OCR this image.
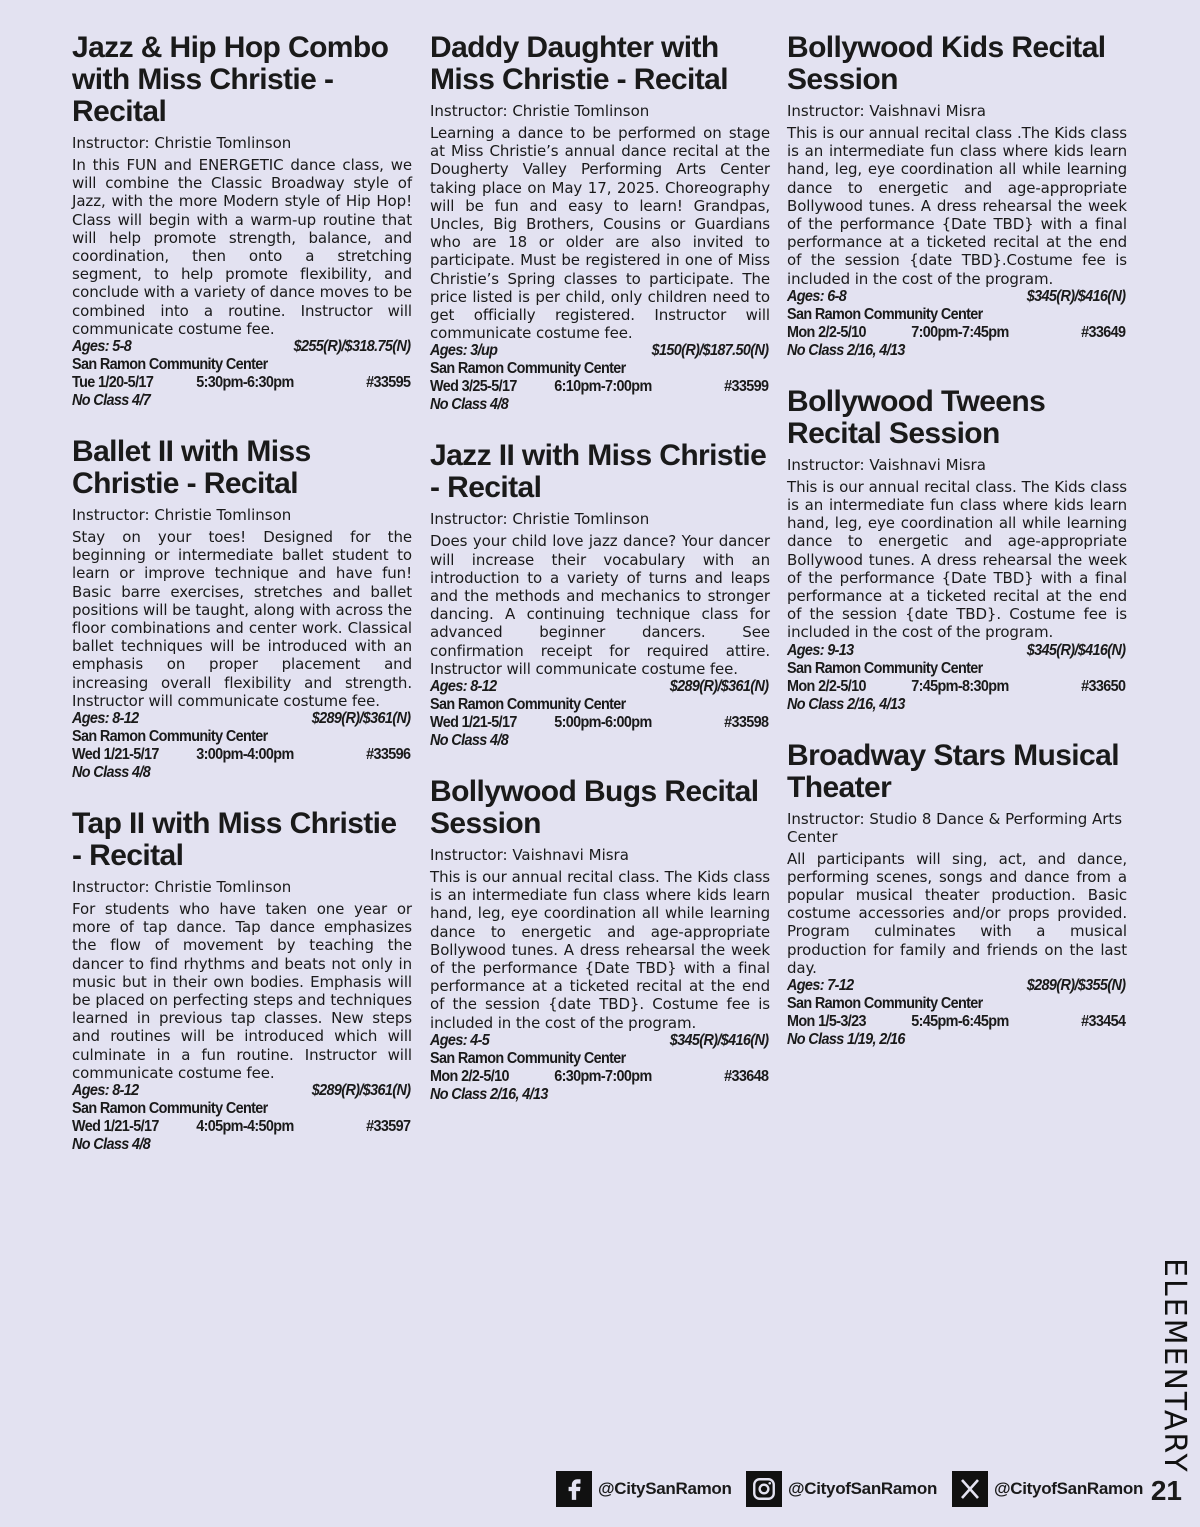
Jazz & Hip Hop Combo with Miss Christie - Recital
Instructor: Christie Tomlinson
In this FUN and ENERGETIC dance class, we will combine the Classic Broadway style of Jazz, with the more Modern style of Hip Hop! Class will begin with a warm-up routine that will help promote strength, balance, and coordination, then onto a stretching segment, to help promote flexibility, and conclude with a variety of dance moves to be combined into a routine. Instructor will communicate costume fee.
Ages: 5-8	$255(R)/$318.75(N)
San Ramon Community Center
Tue 1/20-5/17	5:30pm-6:30pm	#33595
No Class 4/7
Ballet II with Miss Christie - Recital
Instructor: Christie Tomlinson
Stay on your toes! Designed for the beginning or intermediate ballet student to learn or improve technique and have fun! Basic barre exercises, stretches and ballet positions will be taught, along with across the floor combinations and center work. Classical ballet techniques will be introduced with an emphasis on proper placement and increasing overall flexibility and strength. Instructor will communicate costume fee.
Ages: 8-12	$289(R)/$361(N)
San Ramon Community Center
Wed 1/21-5/17	3:00pm-4:00pm	#33596
No Class 4/8
Tap II with Miss Christie - Recital
Instructor: Christie Tomlinson
For students who have taken one year or more of tap dance. Tap dance emphasizes the flow of movement by teaching the dancer to find rhythms and beats not only in music but in their own bodies. Emphasis will be placed on perfecting steps and techniques learned in previous tap classes. New steps and routines will be introduced which will culminate in a fun routine. Instructor will communicate costume fee.
Ages: 8-12	$289(R)/$361(N)
San Ramon Community Center
Wed 1/21-5/17	4:05pm-4:50pm	#33597
No Class 4/8
Daddy Daughter with Miss Christie - Recital
Instructor: Christie Tomlinson
Learning a dance to be performed on stage at Miss Christie’s annual dance recital at the Dougherty Valley Performing Arts Center taking place on May 17, 2025. Choreography will be fun and easy to learn! Grandpas, Uncles, Big Brothers, Cousins or Guardians who are 18 or older are also invited to participate. Must be registered in one of Miss Christie’s Spring classes to participate. The price listed is per child, only children need to get officially registered. Instructor will communicate costume fee.
Ages: 3/up	$150(R)/$187.50(N)
San Ramon Community Center
Wed 3/25-5/17	6:10pm-7:00pm	#33599
No Class 4/8
Jazz II with Miss Christie - Recital
Instructor: Christie Tomlinson
Does your child love jazz dance? Your dancer will increase their vocabulary with an introduction to a variety of turns and leaps and the methods and mechanics to stronger dancing. A continuing technique class for advanced beginner dancers. See confirmation receipt for required attire. Instructor will communicate costume fee.
Ages: 8-12	$289(R)/$361(N)
San Ramon Community Center
Wed 1/21-5/17	5:00pm-6:00pm	#33598
No Class 4/8
Bollywood Bugs Recital Session
Instructor: Vaishnavi Misra
This is our annual recital class. The Kids class is an intermediate fun class where kids learn hand, leg, eye coordination all while learning dance to energetic and age-appropriate Bollywood tunes. A dress rehearsal the week of the performance {Date TBD} with a final performance at a ticketed recital at the end of the session {date TBD}. Costume fee is included in the cost of the program.
Ages: 4-5	$345(R)/$416(N)
San Ramon Community Center
Mon 2/2-5/10	6:30pm-7:00pm	#33648
No Class 2/16, 4/13
Bollywood Kids Recital Session
Instructor: Vaishnavi Misra
This is our annual recital class .The Kids class is an intermediate fun class where kids learn hand, leg, eye coordination all while learning dance to energetic and age-appropriate Bollywood tunes. A dress rehearsal the week of the performance {Date TBD} with a final performance at a ticketed recital at the end of the session {date TBD}.Costume fee is included in the cost of the program.
Ages: 6-8	$345(R)/$416(N)
San Ramon Community Center
Mon 2/2-5/10	7:00pm-7:45pm	#33649
No Class 2/16, 4/13
Bollywood Tweens Recital Session
Instructor: Vaishnavi Misra
This is our annual recital class. The Kids class is an intermediate fun class where kids learn hand, leg, eye coordination all while learning dance to energetic and age-appropriate Bollywood tunes. A dress rehearsal the week of the performance {Date TBD} with a final performance at a ticketed recital at the end of the session {date TBD}. Costume fee is included in the cost of the program.
Ages: 9-13	$345(R)/$416(N)
San Ramon Community Center
Mon 2/2-5/10	7:45pm-8:30pm	#33650
No Class 2/16, 4/13
Broadway Stars Musical Theater
Instructor: Studio 8 Dance & Performing Arts Center
All participants will sing, act, and dance, performing scenes, songs and dance from a popular musical theater production. Basic costume accessories and/or props provided. Program culminates with a musical production for family and friends on the last day.
Ages: 7-12	$289(R)/$355(N)
San Ramon Community Center
Mon 1/5-3/23	5:45pm-6:45pm	#33454
No Class 1/19, 2/16
ELEMENTARY
@CitySanRamon	@CityofSanRamon	@CityofSanRamon 21
